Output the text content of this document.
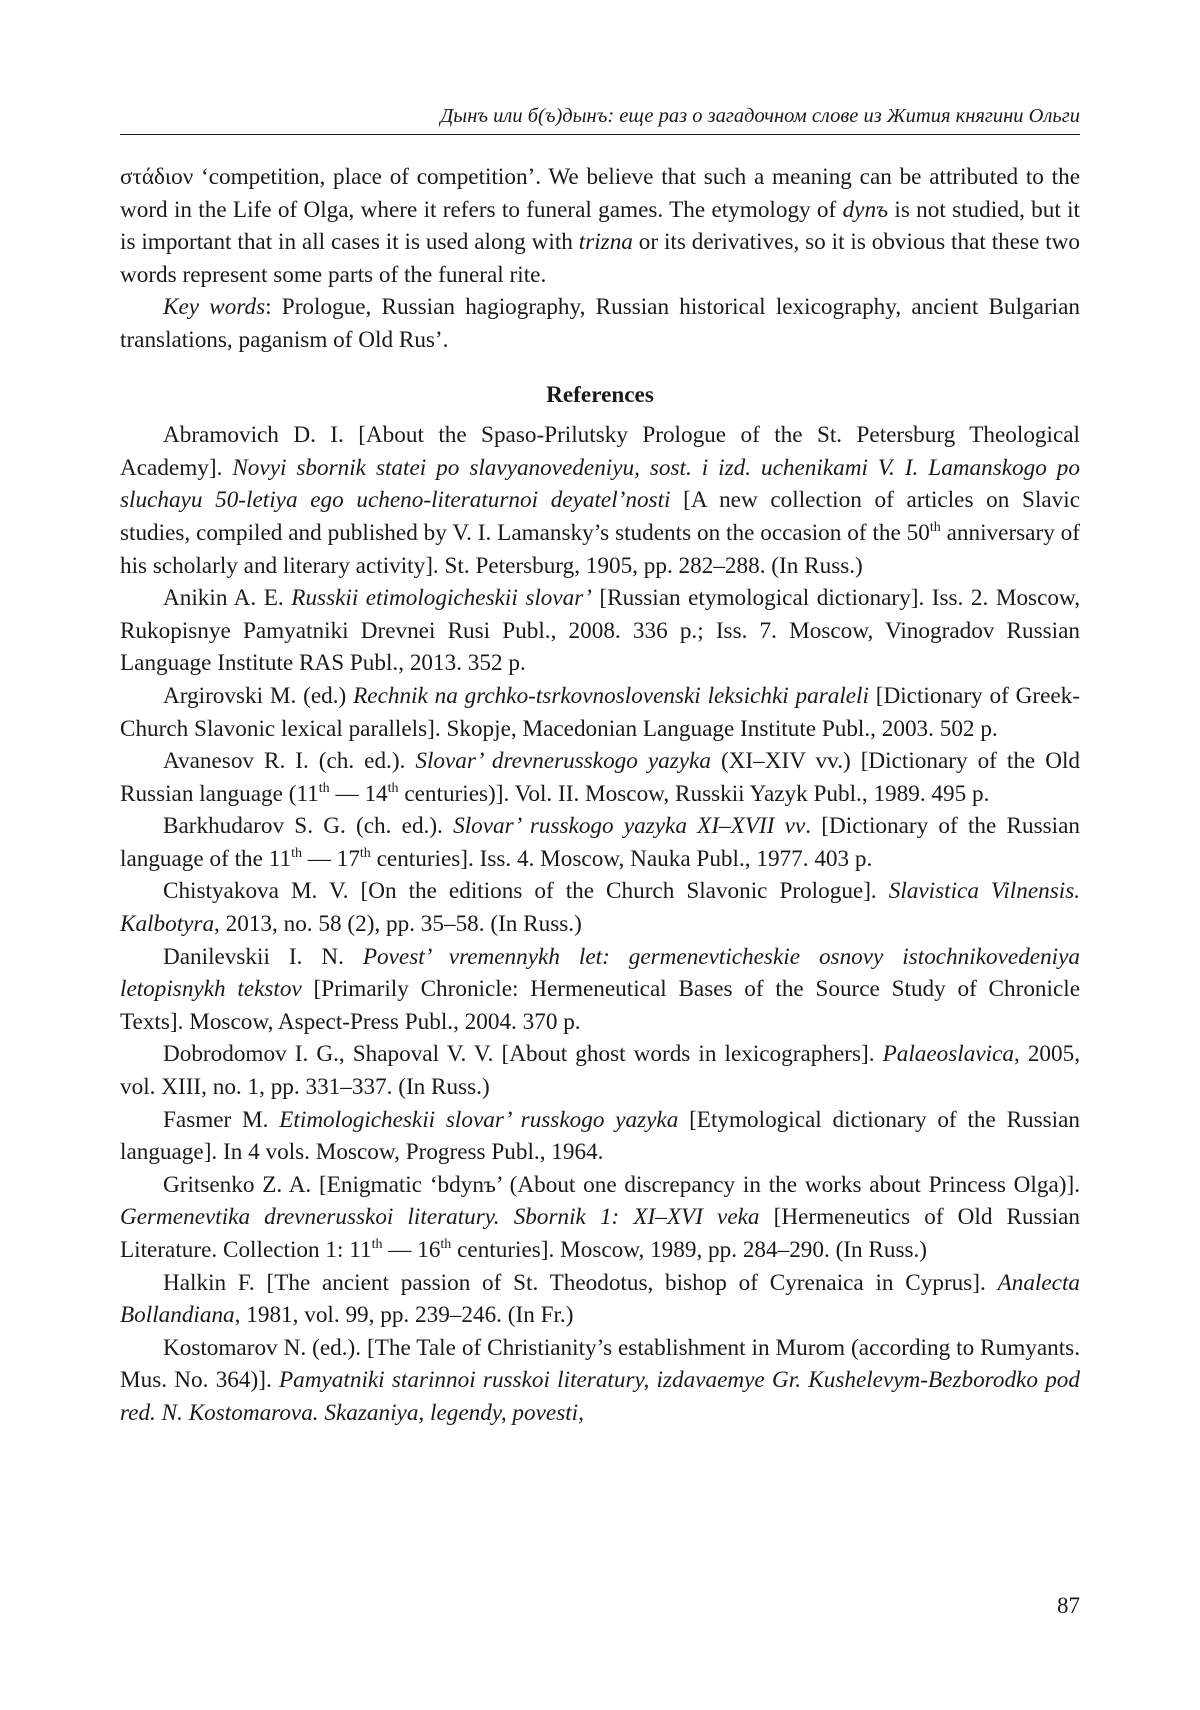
Дынъ или б(ъ)дынъ: еще раз о загадочном слове из Жития княгини Ольги

στάδιον ‘competition, place of competition’. We believe that such a meaning can be attributed to the word in the Life of Olga, where it refers to funeral games. The etymology of dynъ is not studied, but it is important that in all cases it is used along with trizna or its derivatives, so it is obvious that these two words represent some parts of the funeral rite.

Key words: Prologue, Russian hagiography, Russian historical lexicography, ancient Bulgarian translations, paganism of Old Rus’.

References

Abramovich D. I. [About the Spaso-Prilutsky Prologue of the St. Petersburg Theological Academy]. Novyi sbornik statei po slavyanovedeniyu, sost. i izd. uchenikami V. I. Lamanskogo po sluchayu 50-letiya ego ucheno-literaturnoi deyatel’nosti [A new collection of articles on Slavic studies, compiled and published by V. I. Lamansky’s students on the occasion of the 50th anniversary of his scholarly and literary activity]. St. Petersburg, 1905, pp. 282–288. (In Russ.)

Anikin A. E. Russkii etimologicheskii slovar’ [Russian etymological dictionary]. Iss. 2. Moscow, Rukopisnye Pamyatniki Drevnei Rusi Publ., 2008. 336 p.; Iss. 7. Moscow, Vinogradov Russian Language Institute RAS Publ., 2013. 352 p.

Argirovski M. (ed.) Rechnik na grchko-tsrkovnoslovenski leksichki paraleli [Dictionary of Greek-Church Slavonic lexical parallels]. Skopje, Macedonian Language Institute Publ., 2003. 502 p.

Avanesov R. I. (ch. ed.). Slovar’ drevnerusskogo yazyka (XI–XIV vv.) [Dictionary of the Old Russian language (11th — 14th centuries)]. Vol. II. Moscow, Russkii Yazyk Publ., 1989. 495 p.

Barkhudarov S. G. (ch. ed.). Slovar’ russkogo yazyka XI–XVII vv. [Dictionary of the Russian language of the 11th — 17th centuries]. Iss. 4. Moscow, Nauka Publ., 1977. 403 p.

Chistyakova M. V. [On the editions of the Church Slavonic Prologue]. Slavistica Vilnensis. Kalbotyra, 2013, no. 58 (2), pp. 35–58. (In Russ.)

Danilevskii I. N. Povest’ vremennykh let: germenevticheskie osnovy istochnikovedeniya letopisnykh tekstov [Primarily Chronicle: Hermeneutical Bases of the Source Study of Chronicle Texts]. Moscow, Aspect-Press Publ., 2004. 370 p.

Dobrodomov I. G., Shapoval V. V. [About ghost words in lexicographers]. Palaeoslavica, 2005, vol. XIII, no. 1, pp. 331–337. (In Russ.)

Fasmer M. Etimologicheskii slovar’ russkogo yazyka [Etymological dictionary of the Russian language]. In 4 vols. Moscow, Progress Publ., 1964.

Gritsenko Z. A. [Enigmatic ‘bdynъ’ (About one discrepancy in the works about Princess Olga)]. Germenevtika drevnerusskoi literatury. Sbornik 1: XI–XVI veka [Hermeneutics of Old Russian Literature. Collection 1: 11th — 16th centuries]. Moscow, 1989, pp. 284–290. (In Russ.)

Halkin F. [The ancient passion of St. Theodotus, bishop of Cyrenaica in Cyprus]. Analecta Bollandiana, 1981, vol. 99, pp. 239–246. (In Fr.)

Kostomarov N. (ed.). [The Tale of Christianity’s establishment in Murom (according to Rumyants. Mus. No. 364)]. Pamyatniki starinnoi russkoi literatury, izdavaemye Gr. Kushelevym-Bezborodko pod red. N. Kostomarova. Skazaniya, legendy, povesti,

87
